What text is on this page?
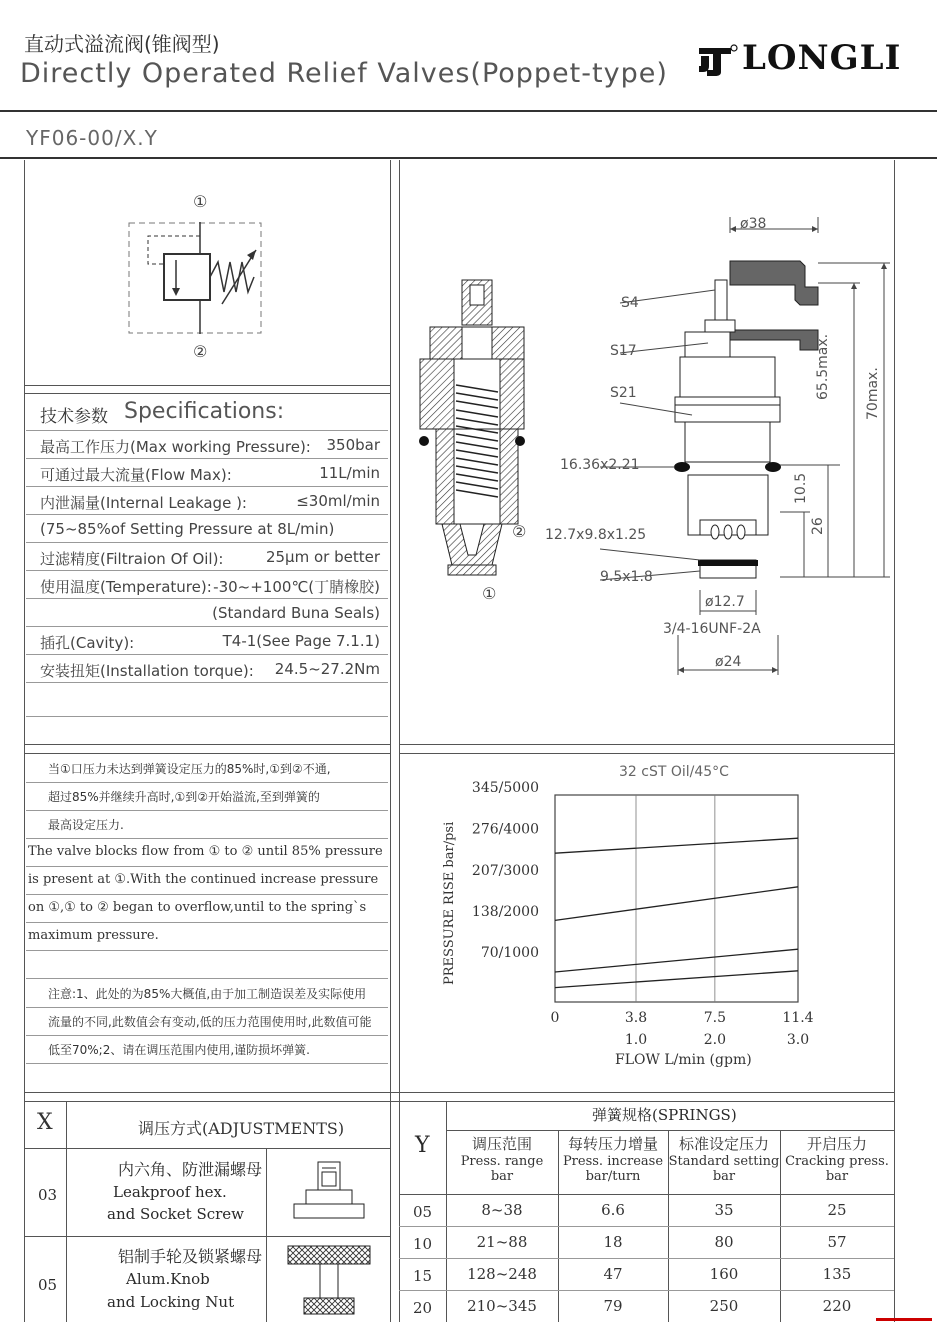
直动式溢流阀(锥阀型)
Directly Operated Relief Valves(Poppet-type) LONGLI
YF06-00/X.Y
①
②
技术参数 Specifications:
最高工作压力(Max working Pressure): 350bar
可通过最大流量(Flow Max):	11L/min
内泄漏量(Internal Leakage ):	≤30ml/min
(75~85%of Setting Pressure at 8L/min)
过滤精度(Filtraion Of Oil):	25μm or better
使用温度(Temperature): -30~+100℃(丁腈橡胶)
(Standard Buna Seals)
插孔(Cavity):	T4-1(See Page 7.1.1)
安装扭矩(Installation torque): 24.5~27.2Nm
②
①
ø38
S4
S17
S21
16.36x2.21
12.7x9.8x1.25
9.5x1.8
ø12.7
3/4-16UNF-2A
ø24
65.5max. 70max.
10.5
26
当①口压力未达到弹簧设定压力的85%时,①到②不通,
超过85%并继续升高时,①到②开始溢流,至到弹簧的
最高设定压力.
The valve blocks flow from ① to ② until 85% pressure
is present at ①.With the continued increase pressure
on ①,① to ② began to overflow,until to the spring`s
maximum pressure.
注意:1、此处的为85%大概值,由于加工制造误差及实际使用
流量的不同,此数值会有变动,低的压力范围使用时,此数值可能
低至70%;2、请在调压范围内使用,谨防损坏弹簧.
32 cST Oil/45°C
PRESSURE RISE bar/psi
FLOW L/min (gpm)
0	3.8
1.0
7.5
2.0
11.4
3.0
70/1000
138/2000
207/3000
276/4000
345/5000
X	调压方式(ADJUSTMENTS)
03
内六角、防泄漏螺母
Leakproof hex.
and Socket Screw
05
铝制手轮及锁紧螺母
Alum.Knob
and Locking Nut
弹簧规格(SPRINGS)
Y	调压范围
Press. range
bar
每转压力增量
Press. increase
bar/turn
标准设定压力
Standard setting
bar
开启压力
Cracking press.
bar
05	8~38	6.6	35	25
10	21~88	18	80	57
15	128~248	47	160	135
20	210~345	79	250	220
